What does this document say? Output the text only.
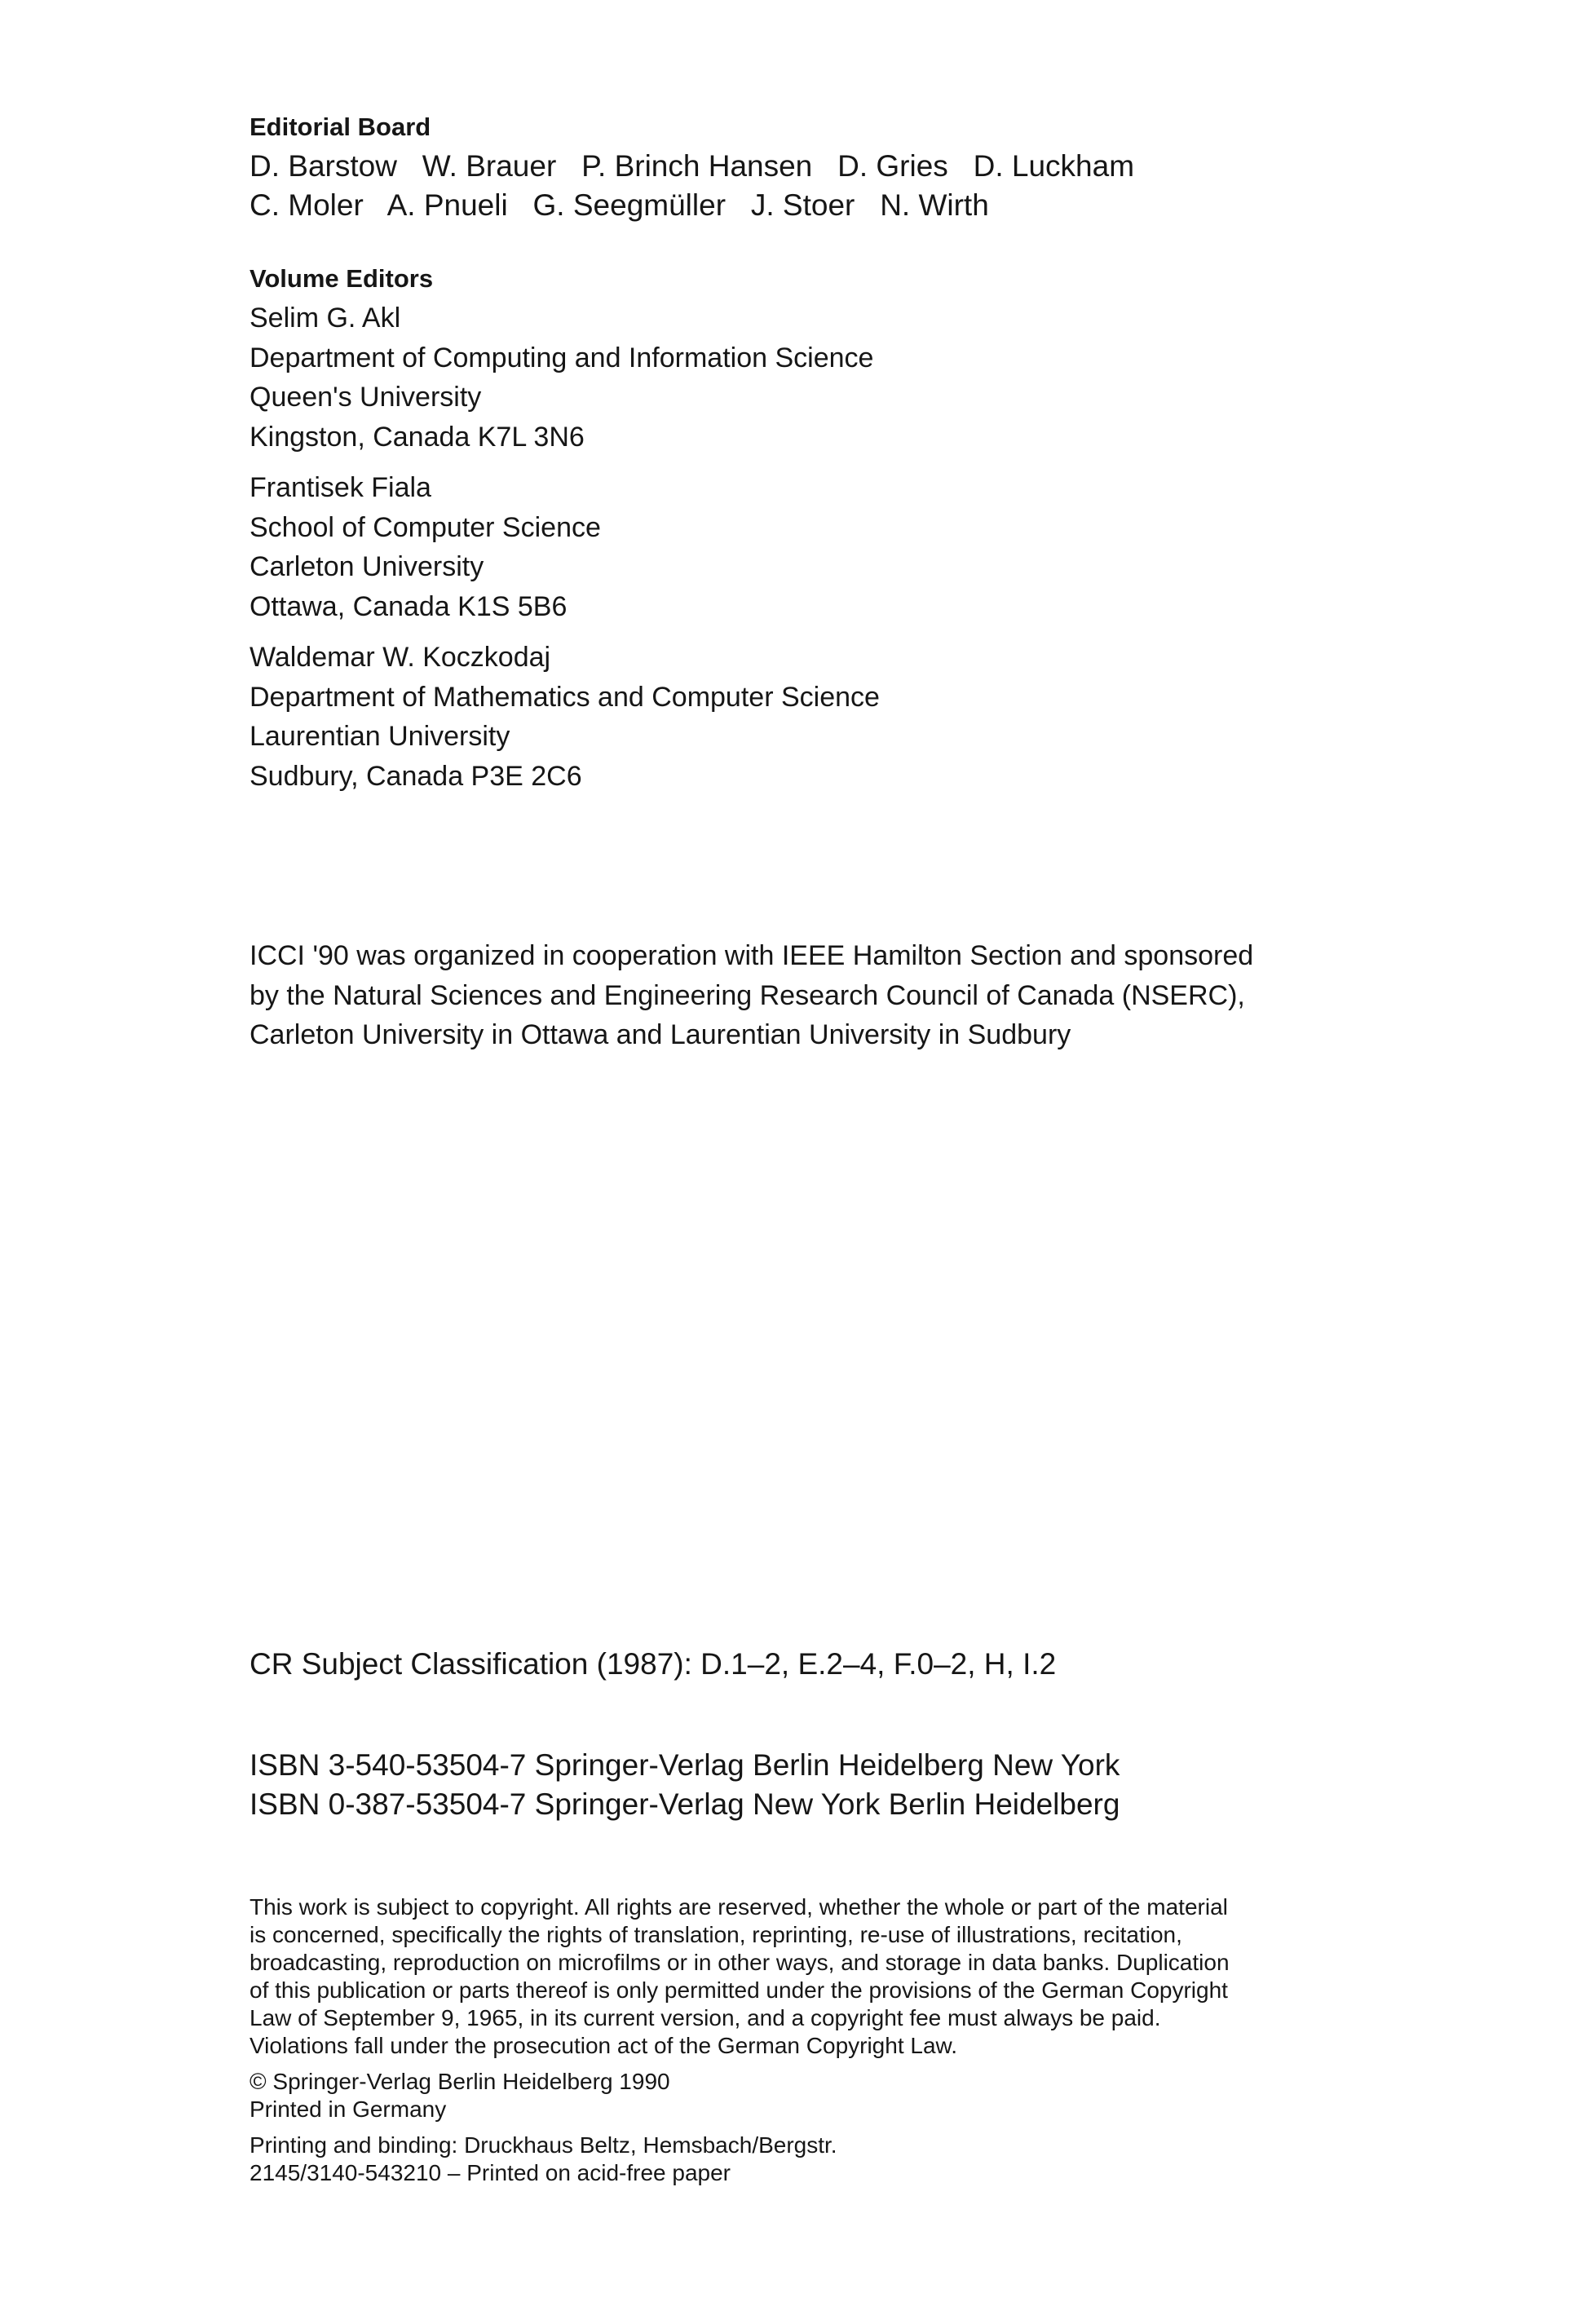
Editorial Board
D. Barstow   W. Brauer   P. Brinch Hansen   D. Gries   D. Luckham
C. Moler   A. Pnueli   G. Seegmüller   J. Stoer   N. Wirth
Volume Editors
Selim G. Akl
Department of Computing and Information Science
Queen's University
Kingston, Canada K7L 3N6
Frantisek Fiala
School of Computer Science
Carleton University
Ottawa, Canada K1S 5B6
Waldemar W. Koczkodaj
Department of Mathematics and Computer Science
Laurentian University
Sudbury, Canada P3E 2C6
ICCI '90 was organized in cooperation with IEEE Hamilton Section and sponsored
by the Natural Sciences and Engineering Research Council of Canada (NSERC),
Carleton University in Ottawa and Laurentian University in Sudbury
CR Subject Classification (1987): D.1–2, E.2–4, F.0–2, H, I.2
ISBN 3-540-53504-7 Springer-Verlag Berlin Heidelberg New York
ISBN 0-387-53504-7 Springer-Verlag New York Berlin Heidelberg
This work is subject to copyright. All rights are reserved, whether the whole or part of the material
is concerned, specifically the rights of translation, reprinting, re-use of illustrations, recitation,
broadcasting, reproduction on microfilms or in other ways, and storage in data banks. Duplication
of this publication or parts thereof is only permitted under the provisions of the German Copyright
Law of September 9, 1965, in its current version, and a copyright fee must always be paid.
Violations fall under the prosecution act of the German Copyright Law.
© Springer-Verlag Berlin Heidelberg 1990
Printed in Germany
Printing and binding: Druckhaus Beltz, Hemsbach/Bergstr.
2145/3140-543210 – Printed on acid-free paper
